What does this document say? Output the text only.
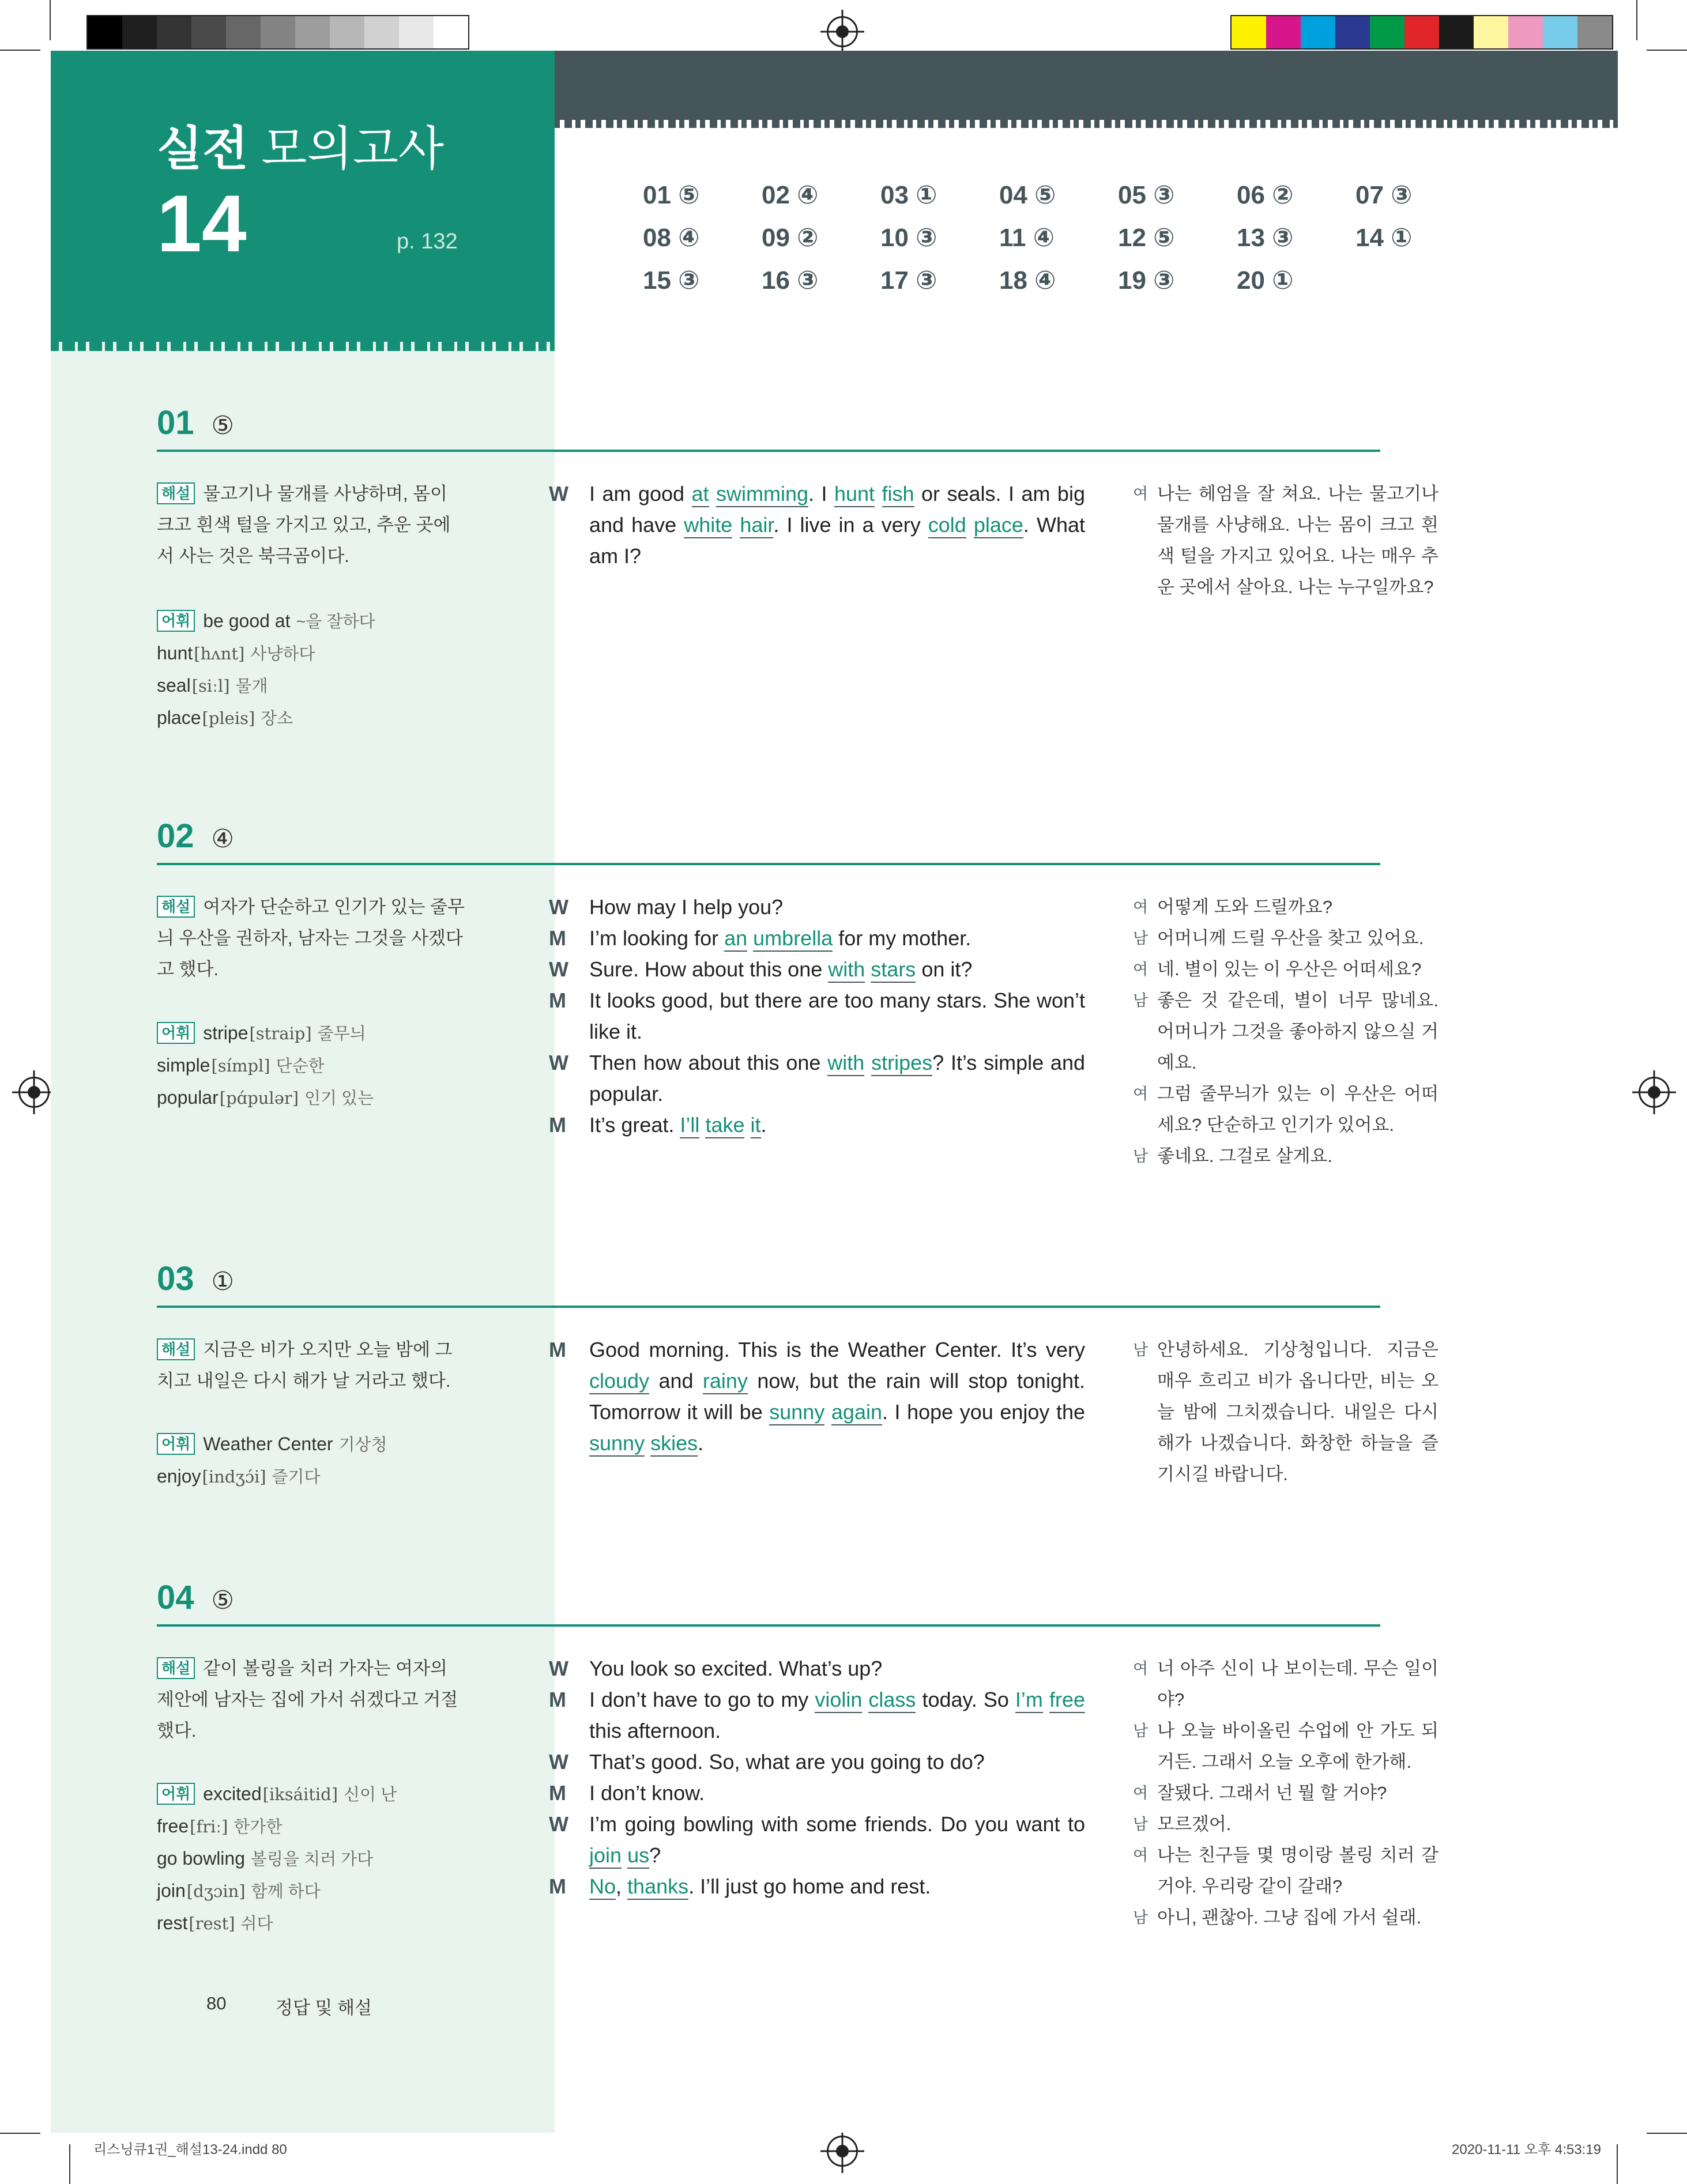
01 ⑤	02 ④	03 ①	04 ⑤	05 ③	06 ②	07 ③
08 ④	09 ②	10 ③	11 ④	12 ⑤	13 ③	14 ①
15 ③	16 ③	17 ③	18 ④	19 ③	20 ①
실전 모의고사
14	p. 132
01 ⑤
해설 물고기나 물개를 사냥하며, 몸이 크고 흰색 털을 가지고 있고, 추운 곳에서 사는 것은 북극곰이다.
어휘 be good at ~을 잘하다
hunt[hʌnt] 사냥하다
seal[siːl] 물개
place[pleis] 장소
W	I am good at swimming. I hunt fish or seals. I am big and have white hair. I live in a very cold place. What am I?
여 나는 헤엄을 잘 쳐요. 나는 물고기나 물개를 사냥해요. 나는 몸이 크고 흰색 털을 가지고 있어요. 나는 매우 추운 곳에서 살아요. 나는 누구일까요?
02 ④
해설 여자가 단순하고 인기가 있는 줄무늬 우산을 권하자, 남자는 그것을 사겠다고 했다.
어휘 stripe[straip] 줄무늬
simple[símpl] 단순한
popular[pɑ́pulər] 인기 있는
W	How may I help you?
M	I’m looking for an umbrella for my mother.
W	Sure. How about this one with stars on it?
M	It looks good, but there are too many stars. She won’t like it.
W	Then how about this one with stripes? It’s simple and popular.
M	It’s great. I’ll take it.
여 어떻게 도와 드릴까요?
남 어머니께 드릴 우산을 찾고 있어요.
여 네. 별이 있는 이 우산은 어떠세요?
남 좋은 것 같은데, 별이 너무 많네요. 어머니가 그것을 좋아하지 않으실 거예요.
여 그럼 줄무늬가 있는 이 우산은 어떠세요? 단순하고 인기가 있어요.
남 좋네요. 그걸로 살게요.
03 ①
해설 지금은 비가 오지만 오늘 밤에 그치고 내일은 다시 해가 날 거라고 했다.
어휘 Weather Center 기상청
enjoy[indʒɔ́i] 즐기다
M	Good morning. This is the Weather Center. It’s very cloudy and rainy now, but the rain will stop tonight. Tomorrow it will be sunny again. I hope you enjoy the sunny skies.
남 안녕하세요. 기상청입니다. 지금은 매우 흐리고 비가 옵니다만, 비는 오늘 밤에 그치겠습니다. 내일은 다시 해가 나겠습니다. 화창한 하늘을 즐기시길 바랍니다.
04 ⑤
해설 같이 볼링을 치러 가자는 여자의 제안에 남자는 집에 가서 쉬겠다고 거절했다.
어휘 excited[iksáitid] 신이 난
free[friː] 한가한
go bowling 볼링을 치러 가다
join[dʒɔin] 함께 하다
rest[rest] 쉬다
W	You look so excited. What’s up?
M	I don’t have to go to my violin class today. So I’m free this afternoon.
W	That’s good. So, what are you going to do?
M	I don’t know.
W	I’m going bowling with some friends. Do you want to join us?
M	No, thanks. I’ll just go home and rest.
여 너 아주 신이 나 보이는데. 무슨 일이야?
남 나 오늘 바이올린 수업에 안 가도 되거든. 그래서 오늘 오후에 한가해.
여 잘됐다. 그래서 넌 뭘 할 거야?
남 모르겠어.
여 나는 친구들 몇 명이랑 볼링 치러 갈 거야. 우리랑 같이 갈래?
남 아니, 괜찮아. 그냥 집에 가서 쉴래.
80	정답 및 해설
리스닝큐1권_해설13-24.indd 80	2020-11-11 오후 4:53:19
